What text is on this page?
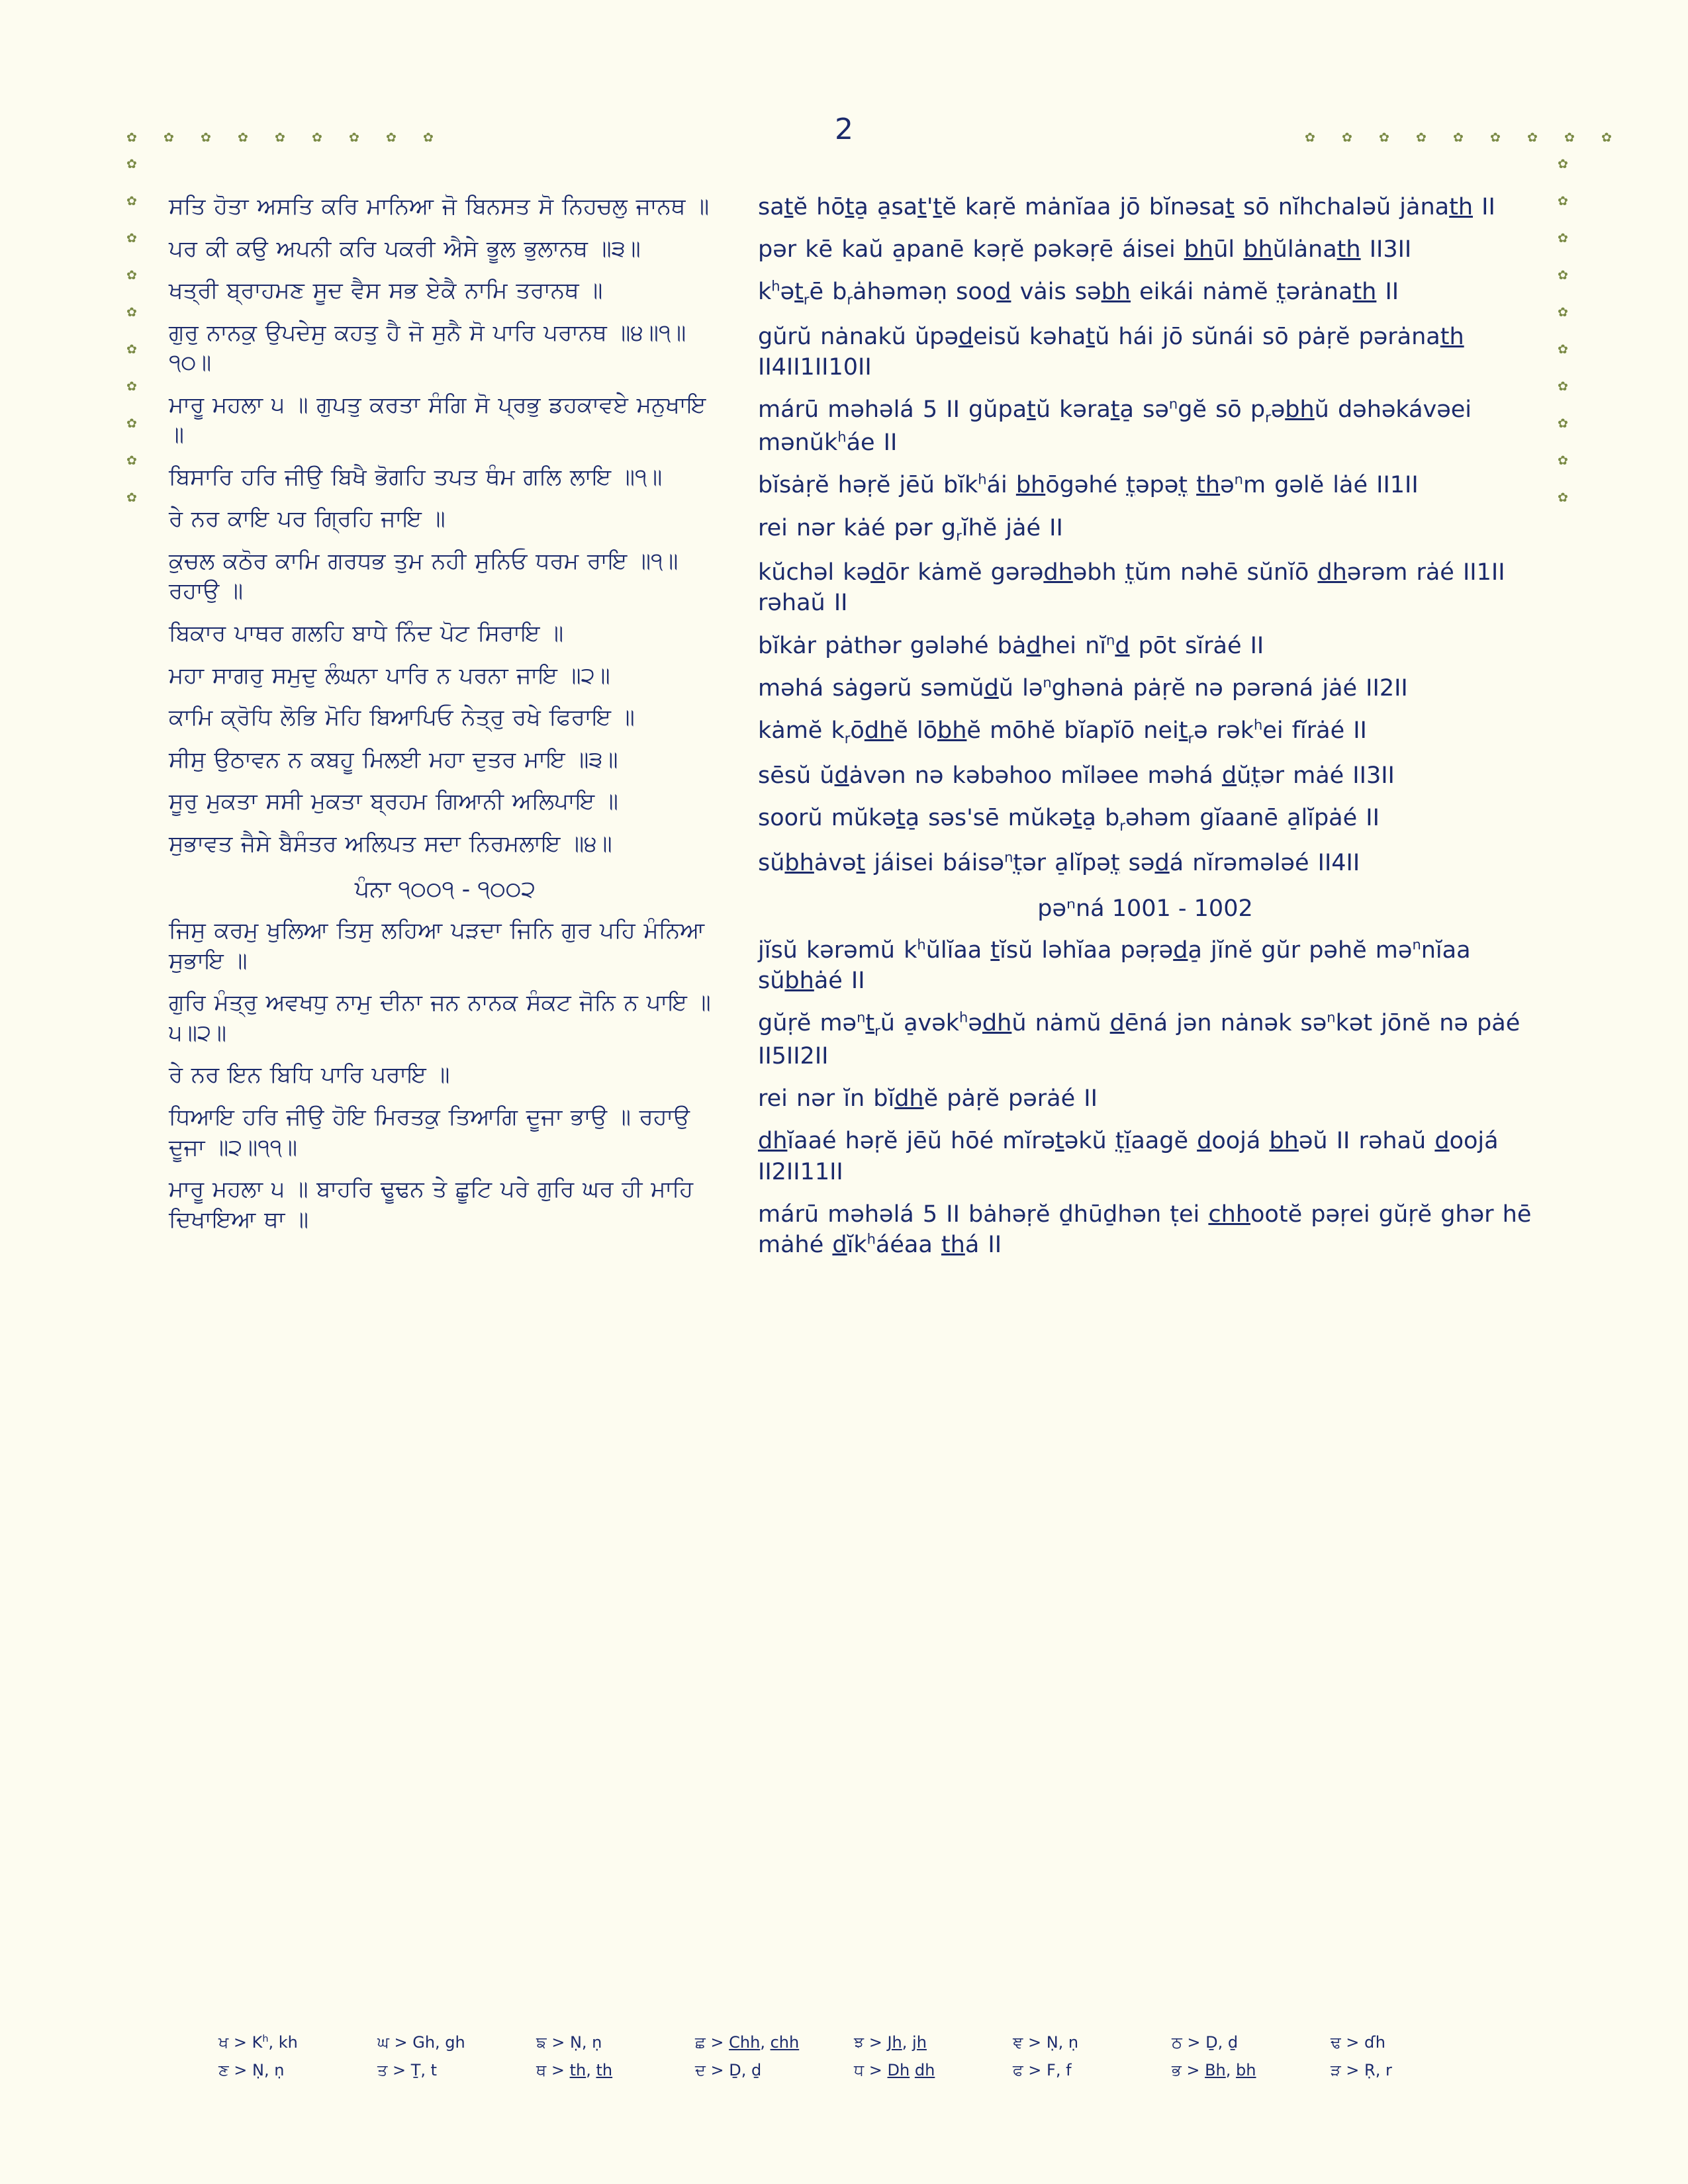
2
✿
✿
✿
✿
✿
✿
✿
✿
✿
✿
✿
✿
✿
✿
✿
✿
✿
✿
✿
✿
✿
✿
✿
✿
✿
✿
✿
✿
✿
✿
✿
✿
✿
✿
✿
✿
✿
✿
ਸਤਿ ਹੋਤਾ ਅਸਤਿ ਕਰਿ ਮਾਨਿਆ ਜੋ ਬਿਨਸਤ ਸੋ ਨਿਹਚਲੁ ਜਾਨਥ ॥
ਪਰ ਕੀ ਕਉੁ ਅਪਨੀ ਕਰਿ ਪਕਰੀ ਐਸੇ ਭੂਲ ਭੁਲਾਨਥ ॥੩॥
ਖਤ੍ਰੀ ਬ੍ਰਾਹਮਣ ਸੂਦ ਵੈਸ ਸਭ ਏਕੈ ਨਾਮਿ ਤਰਾਨਥ ॥
ਗੁਰੁ ਨਾਨਕੁ ਉਪਦੇਸੁ ਕਹਤੁ ਹੈ ਜੋ ਸੁਨੈ ਸੋ ਪਾਰਿ ਪਰਾਨਥ ॥੪॥੧॥੧੦॥
ਮਾਰੂ ਮਹਲਾ ੫ ॥ ਗੁਪਤੁ ਕਰਤਾ ਸੰਗਿ ਸੋ ਪ੍ਰਭੁ ਡਹਕਾਵਏ ਮਨੁਖਾਇ ॥
ਬਿਸਾਰਿ ਹਰਿ ਜੀਉ ਬਿਖੈ ਭੋਗਹਿ ਤਪਤ ਥੰਮ ਗਲਿ ਲਾਇ ॥੧॥
ਰੇ ਨਰ ਕਾਇ ਪਰ ਗ੍ਰਿਹਿ ਜਾਇ ॥
ਕੁਚਲ ਕਠੋਰ ਕਾਮਿ ਗਰਧਭ ਤੁਮ ਨਹੀ ਸੁਨਿਓ ਧਰਮ ਰਾਇ ॥੧॥ ਰਹਾਉ ॥
ਬਿਕਾਰ ਪਾਥਰ ਗਲਹਿ ਬਾਧੇ ਨਿੰਦ ਪੋਟ ਸਿਰਾਇ ॥
ਮਹਾ ਸਾਗਰੁ ਸਮੁਦੁ ਲੰਘਨਾ ਪਾਰਿ ਨ ਪਰਨਾ ਜਾਇ ॥੨॥
ਕਾਮਿ ਕ੍ਰੋਧਿ ਲੋਭਿ ਮੋਹਿ ਬਿਆਪਿਓ ਨੇਤ੍ਰੁ ਰਖੇ ਫਿਰਾਇ ॥
ਸੀਸੁ ਉਠਾਵਨ ਨ ਕਬਹੂ ਮਿਲਈ ਮਹਾ ਦੁਤਰ ਮਾਇ ॥੩॥
ਸੂਰੁ ਮੁਕਤਾ ਸਸੀ ਮੁਕਤਾ ਬ੍ਰਹਮ ਗਿਆਨੀ ਅਲਿਪਾਇ ॥
ਸੁਭਾਵਤ ਜੈਸੇ ਬੈਸੰਤਰ ਅਲਿਪਤ ਸਦਾ ਨਿਰਮਲਾਇ ॥੪॥
ਪੰਨਾ ੧੦੦੧ - ੧੦੦੨
ਜਿਸੁ ਕਰਮੁ ਖੁਲਿਆ ਤਿਸੁ ਲਹਿਆ ਪੜਦਾ ਜਿਨਿ ਗੁਰ ਪਹਿ ਮੰਨਿਆ ਸੁਭਾਇ ॥
ਗੁਰਿ ਮੰਤ੍ਰੁ ਅਵਖਧੁ ਨਾਮੁ ਦੀਨਾ ਜਨ ਨਾਨਕ ਸੰਕਟ ਜੋਨਿ ਨ ਪਾਇ ॥੫॥੨॥
ਰੇ ਨਰ ਇਨ ਬਿਧਿ ਪਾਰਿ ਪਰਾਇ ॥
ਧਿਆਇ ਹਰਿ ਜੀਉ ਹੋਇ ਮਿਰਤਕੁ ਤਿਆਗਿ ਦੂਜਾ ਭਾਉ ॥ ਰਹਾਉ ਦੂਜਾ ॥੨॥੧੧॥
ਮਾਰੂ ਮਹਲਾ ੫ ॥ ਬਾਹਰਿ ਢੂਢਨ ਤੇ ਛੂਟਿ ਪਰੇ ਗੁਰਿ ਘਰ ਹੀ ਮਾਹਿ ਦਿਖਾਇਆ ਥਾ ॥
satĕ hōta̠ a̠sat'tĕ kaṛĕ mȧnĭaa jō bĭnəsat sō nĭhchaləŭ jȧnath II
pər kē kaŭ a̠panē kəṛĕ pəkəṛē áisei bhūl bhŭlȧnath II3II
$k^hət_rē$ $b_rȧhəməṇ$ sood vȧis səbh eikái nȧmĕ ṭərȧnath II
gŭrŭ nȧnakŭ ŭpədeisŭ kəhatŭ hái jō sŭnái sō pȧṛĕ pərȧnath II4II1II10II
márū məhəlá 5 II gŭpatŭ kərata̠ sə$^n$gĕ sō $p_rəbhŭ$ dəhəkávəei mənŭk$^h$áe II
bĭsȧṛĕ həṛĕ jēŭ bĭk$^h$ái bhōgəhé ṭəpəṭ thə$^n$m gəlĕ lȧé II1II
rei nər kȧé pər $g_rĭhĕ$ jȧé II
kŭchəl kədōr kȧmĕ gərədhəbh ṭŭm nəhē sŭnĭō dhərəm rȧé II1II rəhaŭ II
bĭkȧr pȧthər gələhé bȧdhei $nĭ^nd$ pōt sĭrȧé II
məhá sȧgərŭ səmŭdŭ lə$^n$ghənȧ pȧṛĕ nə pərəná jȧé II2II
kȧmĕ $k_rōdhĕ$ lōbhĕ mōhĕ bĭapĭō neit$_r$ə rək$^h$ei fĭrȧé II
sēsŭ ŭdȧvən nə kəbəhoo mĭləee məhá dŭṭər mȧé II3II
soorŭ mŭkəta̠ səs'sē mŭkəta̠ $b_rəhəm$ gĭaanē a̠lĭpȧé II
sŭbhȧvət jáisei báisə$^n$ṭər a̠lĭpəṭ sədá nĭrəmələé II4II
pəⁿná 1001 - 1002
jĭsŭ kərəmŭ $k^hŭlĭaa$ tĭsŭ ləhĭaa pəṛəda̠ jĭnĕ gŭr pəhĕ mə$^n$nĭaa sŭbhȧé II
gŭṛĕ $mə^nt_rŭ$ a̠vək$^h$ədhŭ nȧmŭ dēná jən nȧnək sə$^n$kət jōnĕ nə pȧé II5II2II
rei nər ĭn bĭdhĕ pȧṛĕ pərȧé II
dhĭaaé həṛĕ jēŭ hōé mĭrətəkŭ ṭĭ̠aagĕ doojá bhəŭ II rəhaŭ doojá II2II11II
márū məhəlá 5 II bȧhəṛĕ ḏhūḏhən ṭei chhootĕ pəṛei gŭṛĕ ghər hē mȧhé dĭk$^h$áéaa thá II
ਖ > $K^h$, kh	ਘ > Gh, gh	ਙ > Ṇ, ṇ	ਛ > Chh, chh	ਝ > Jh, jh	ਞ > Ṇ, ṇ	ਠ > Ḏ, ḏ	ਢ > ɗh
ਣ > Ṇ, ṇ	ਤ > Ṯ, t	ਥ > th, th	ਦ > Ḏ, ḏ	ਧ > Dh dh	ਫ > F, f	ਭ > Bh, bh	ੜ > Ṛ, r
